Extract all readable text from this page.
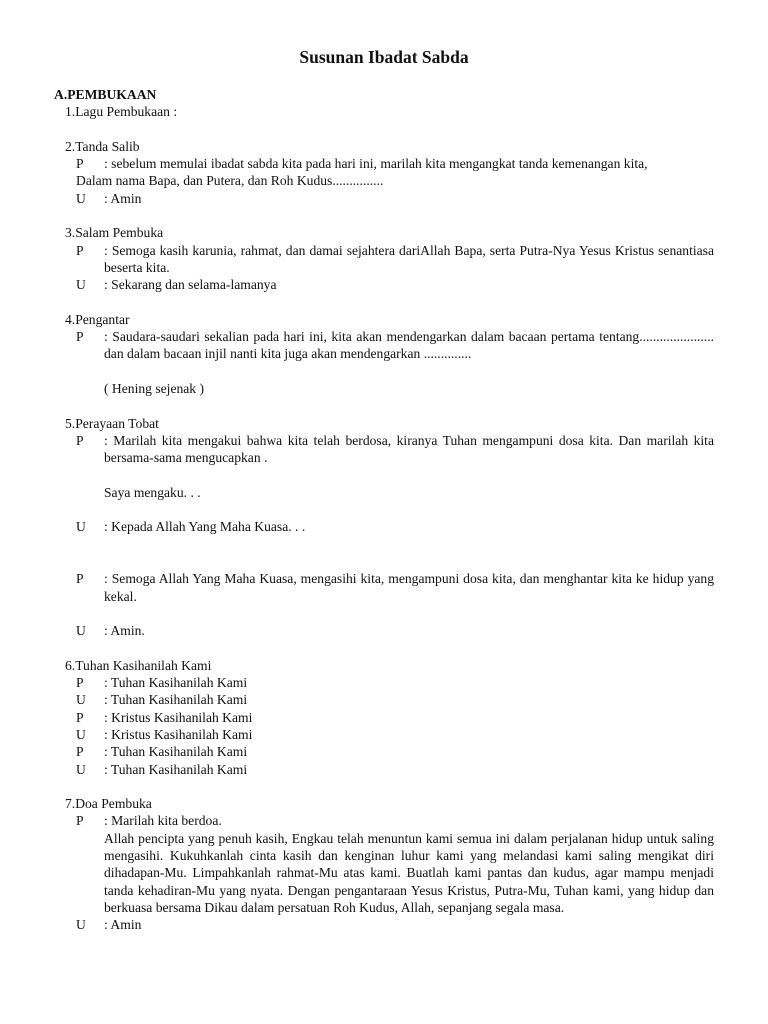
Susunan Ibadat Sabda
A.PEMBUKAAN
1.Lagu Pembukaan :
2.Tanda Salib
P	: sebelum memulai ibadat sabda kita pada hari ini, marilah kita mengangkat tanda kemenangan kita,
Dalam nama Bapa, dan Putera, dan Roh Kudus...............
U	: Amin
3.Salam Pembuka
P	: Semoga kasih karunia, rahmat, dan damai sejahtera dariAllah Bapa, serta Putra-Nya Yesus Kristus senantiasa beserta kita.
U	: Sekarang dan selama-lamanya
4.Pengantar
P	: Saudara-saudari sekalian pada hari ini, kita akan mendengarkan dalam bacaan pertama tentang...................... dan dalam bacaan injil nanti kita juga akan mendengarkan ..............
( Hening sejenak )
5.Perayaan Tobat
P	: Marilah kita mengakui bahwa kita telah berdosa, kiranya Tuhan mengampuni dosa kita. Dan marilah kita bersama-sama mengucapkan .
Saya mengaku. . .
U	: Kepada Allah Yang Maha Kuasa. . .
P	: Semoga Allah Yang Maha Kuasa, mengasihi kita, mengampuni dosa kita, dan menghantar kita ke hidup yang kekal.
U	: Amin.
6.Tuhan Kasihanilah Kami
P	: Tuhan Kasihanilah Kami
U	: Tuhan Kasihanilah Kami
P	: Kristus Kasihanilah Kami
U	: Kristus Kasihanilah Kami
P	: Tuhan Kasihanilah Kami
U	: Tuhan Kasihanilah Kami
7.Doa Pembuka
P	: Marilah kita berdoa.
Allah pencipta yang penuh kasih, Engkau telah menuntun kami semua ini dalam perjalanan hidup untuk saling mengasihi. Kukuhkanlah cinta kasih dan kenginan luhur kami yang melandasi kami saling mengikat diri dihadapan-Mu. Limpahkanlah rahmat-Mu atas kami. Buatlah kami pantas dan kudus, agar mampu menjadi tanda kehadiran-Mu yang nyata. Dengan pengantaraan Yesus Kristus, Putra-Mu, Tuhan kami, yang hidup dan berkuasa bersama Dikau dalam persatuan Roh Kudus, Allah, sepanjang segala masa.
U	: Amin
